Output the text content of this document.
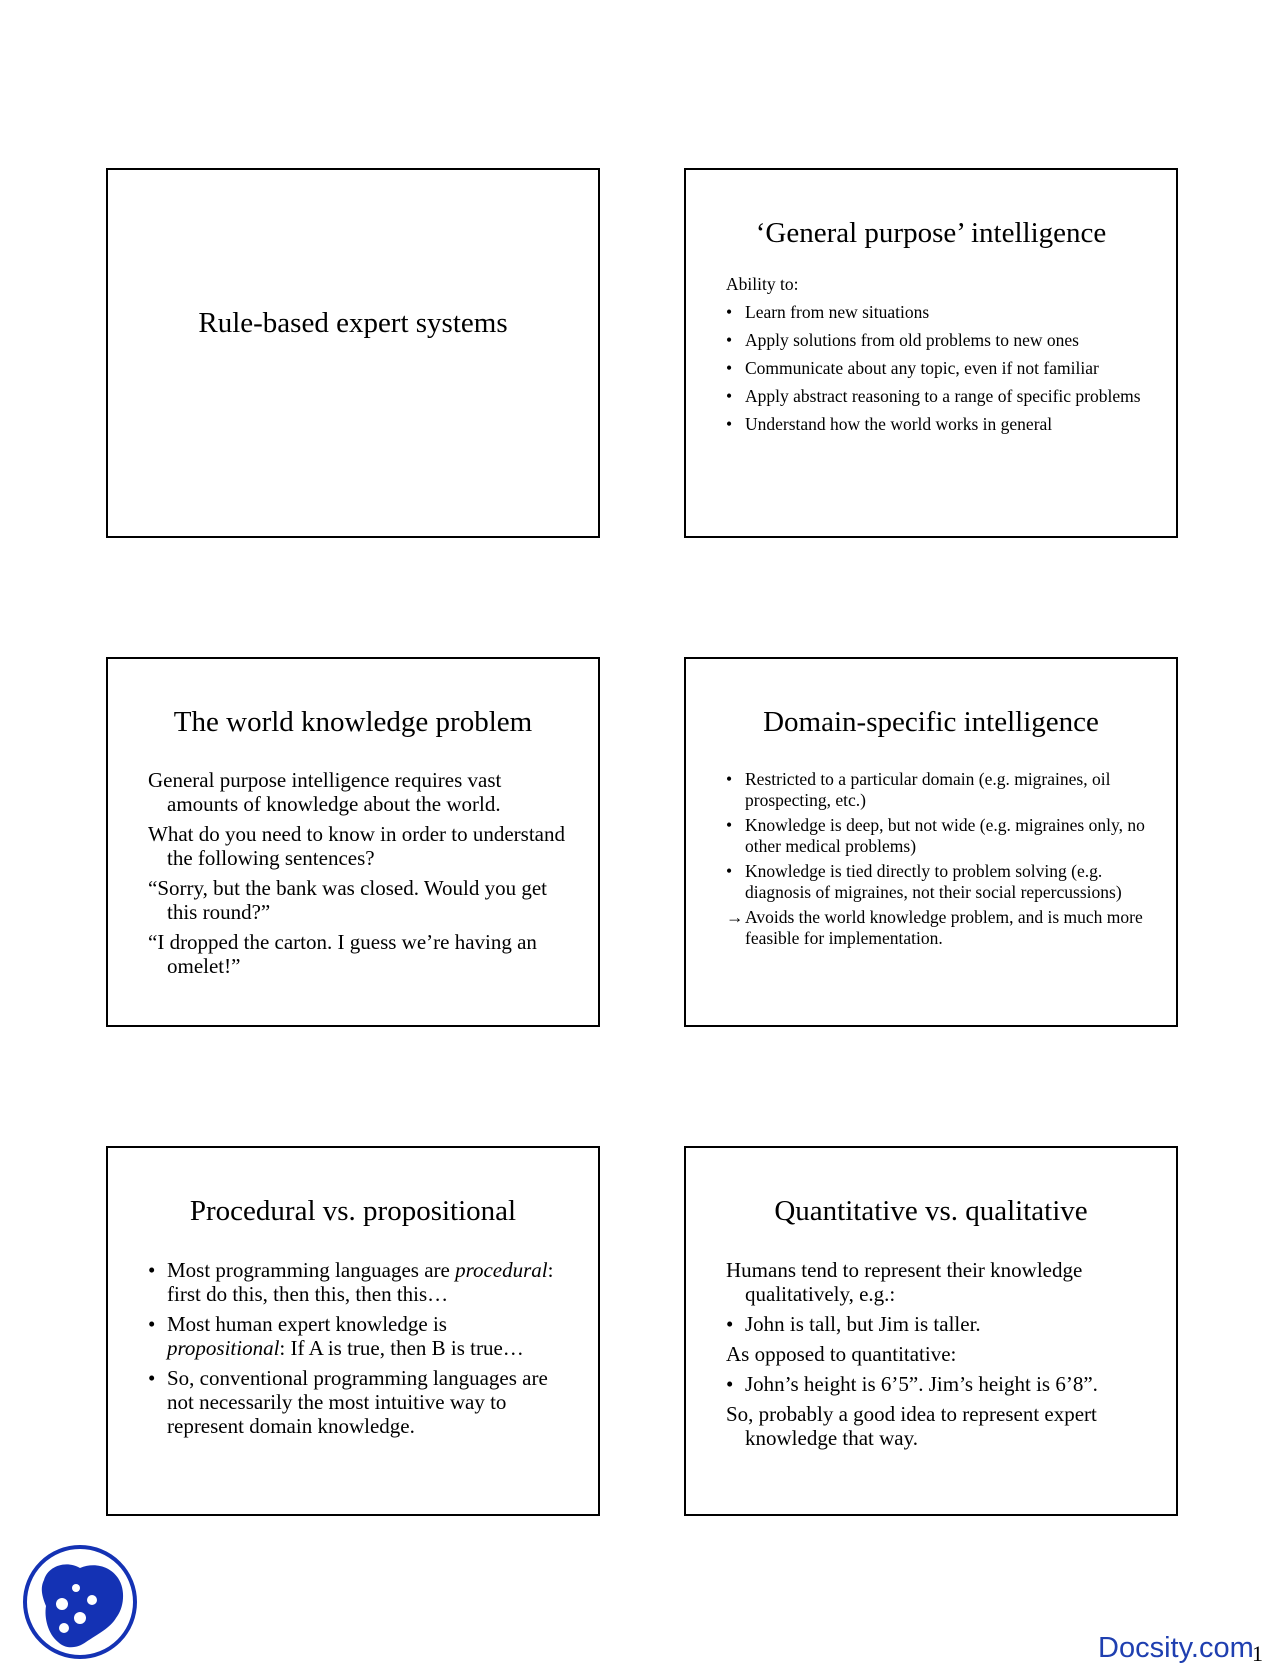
Rule-based expert systems
‘General purpose’ intelligence
Ability to:
• Learn from new situations
• Apply solutions from old problems to new ones
• Communicate about any topic, even if not familiar
• Apply abstract reasoning to a range of specific problems
• Understand how the world works in general
The world knowledge problem
General purpose intelligence requires vast amounts of knowledge about the world.
What do you need to know in order to understand the following sentences?
“Sorry, but the bank was closed. Would you get this round?”
“I dropped the carton. I guess we’re having an omelet!”
Domain-specific intelligence
• Restricted to a particular domain (e.g. migraines, oil prospecting, etc.)
• Knowledge is deep, but not wide (e.g. migraines only, no other medical problems)
• Knowledge is tied directly to problem solving (e.g. diagnosis of migraines, not their social repercussions)
→ Avoids the world knowledge problem, and is much more feasible for implementation.
Procedural vs. propositional
• Most programming languages are procedural: first do this, then this, then this…
• Most human expert knowledge is propositional: If A is true, then B is true…
• So, conventional programming languages are not necessarily the most intuitive way to represent domain knowledge.
Quantitative vs. qualitative
Humans tend to represent their knowledge qualitatively, e.g.:
• John is tall, but Jim is taller.
As opposed to quantitative:
• John’s height is 6’5”. Jim’s height is 6’8”.
So, probably a good idea to represent expert knowledge that way.
Docsity.com
1
